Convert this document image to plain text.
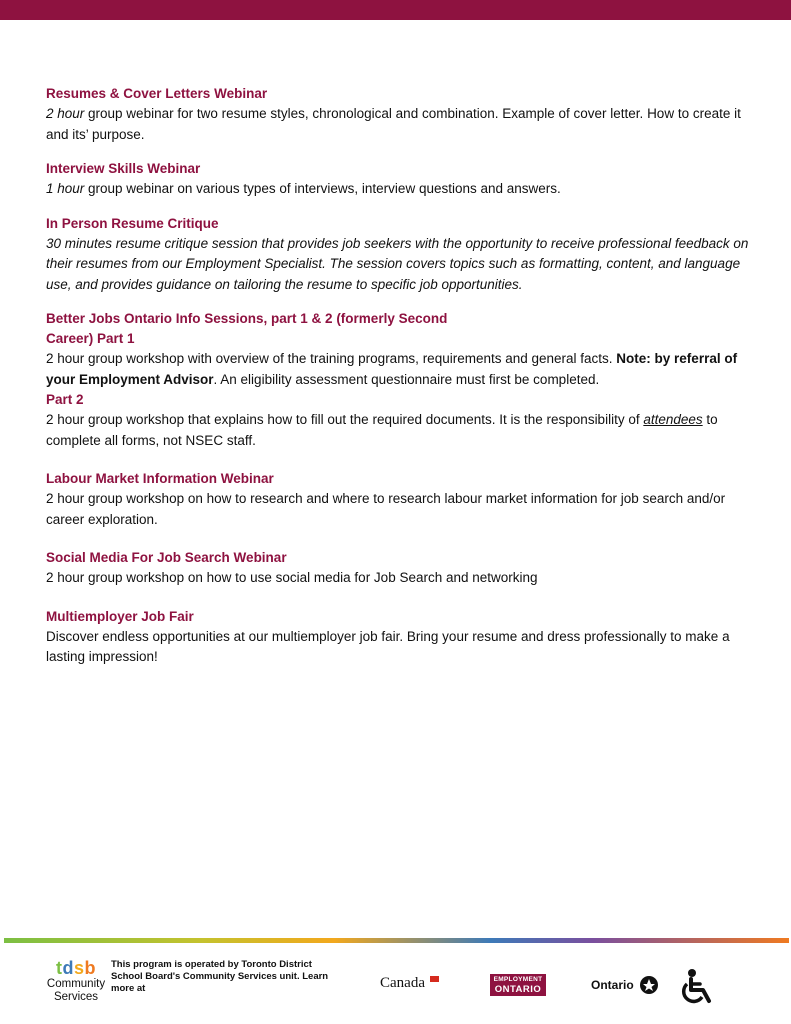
Resumes & Cover Letters Webinar
2 hour group webinar for two resume styles, chronological and combination. Example of cover letter. How to create it and its’ purpose.
Interview Skills Webinar
1 hour group webinar on various types of interviews, interview questions and answers.
In Person Resume Critique
30 minutes resume critique session that provides job seekers with the opportunity to receive professional feedback on their resumes from our Employment Specialist. The session covers topics such as formatting, content, and language use, and provides guidance on tailoring the resume to specific job opportunities.
Better Jobs Ontario Info Sessions, part 1 & 2 (formerly Second Career) Part 1
2 hour group workshop with overview of the training programs, requirements and general facts. Note: by referral of your Employment Advisor. An eligibility assessment questionnaire must first be completed.
Part 2
2 hour group workshop that explains how to fill out the required documents. It is the responsibility of attendees to complete all forms, not NSEC staff.
Labour Market Information Webinar
2 hour group workshop on how to research and where to research labour market information for job search and/or career exploration.
Social Media For Job Search Webinar
2 hour group workshop on how to use social media for Job Search and networking
Multiemployer Job Fair
Discover endless opportunities at our multiemployer job fair. Bring your resume and dress professionally to make a lasting impression!
tdsb
Community Services
This program is operated by Toronto District School Board's Community Services unit. Learn more at	Canada	EMPLOYMENT
ONTARIO	Ontario
